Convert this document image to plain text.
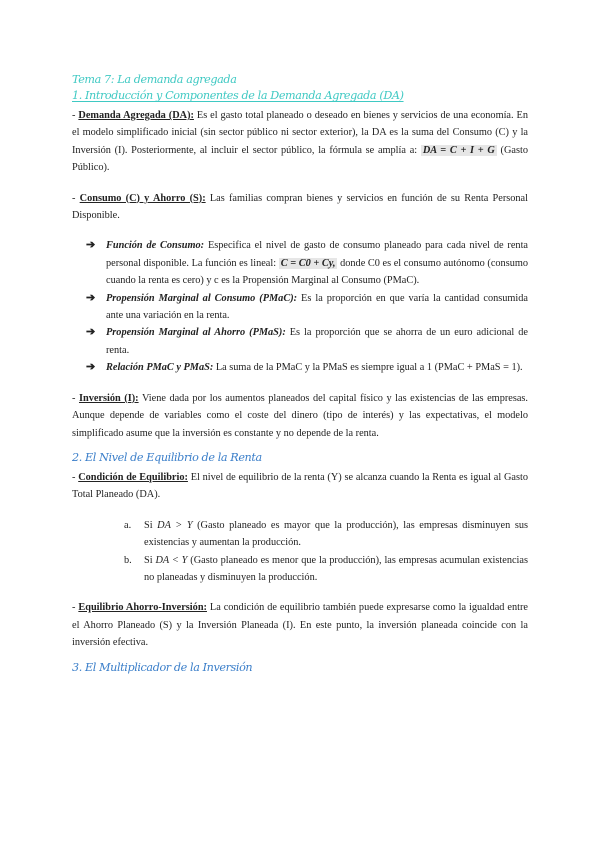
Tema 7: La demanda agregada
1. Introducción y Componentes de la Demanda Agregada (DA)

- Demanda Agregada (DA): Es el gasto total planeado o deseado en bienes y servicios de una economía. En el modelo simplificado inicial (sin sector público ni sector exterior), la DA es la suma del Consumo (C) y la Inversión (I). Posteriormente, al incluir el sector público, la fórmula se amplía a: DA = C + I + G (Gasto Público).

- Consumo (C) y Ahorro (S): Las familias compran bienes y servicios en función de su Renta Personal Disponible.

➔ Función de Consumo: Especifica el nivel de gasto de consumo planeado para cada nivel de renta personal disponible. La función es lineal: C = C0 + Cy, donde C0 es el consumo autónomo (consumo cuando la renta es cero) y c es la Propensión Marginal al Consumo (PMaC).
➔ Propensión Marginal al Consumo (PMaC): Es la proporción en que varía la cantidad consumida ante una variación en la renta.
➔ Propensión Marginal al Ahorro (PMaS): Es la proporción que se ahorra de un euro adicional de renta.
➔ Relación PMaC y PMaS: La suma de la PMaC y la PMaS es siempre igual a 1 (PMaC + PMaS = 1).

- Inversión (I): Viene dada por los aumentos planeados del capital físico y las existencias de las empresas. Aunque depende de variables como el coste del dinero (tipo de interés) y las expectativas, el modelo simplificado asume que la inversión es constante y no depende de la renta.

2. El Nivel de Equilibrio de la Renta

- Condición de Equilibrio: El nivel de equilibrio de la renta (Y) se alcanza cuando la Renta es igual al Gasto Total Planeado (DA).

a. Si DA > Y (Gasto planeado es mayor que la producción), las empresas disminuyen sus existencias y aumentan la producción.
b. Si DA < Y (Gasto planeado es menor que la producción), las empresas acumulan existencias no planeadas y disminuyen la producción.

- Equilibrio Ahorro-Inversión: La condición de equilibrio también puede expresarse como la igualdad entre el Ahorro Planeado (S) y la Inversión Planeada (I). En este punto, la inversión planeada coincide con la inversión efectiva.

3. El Multiplicador de la Inversión
